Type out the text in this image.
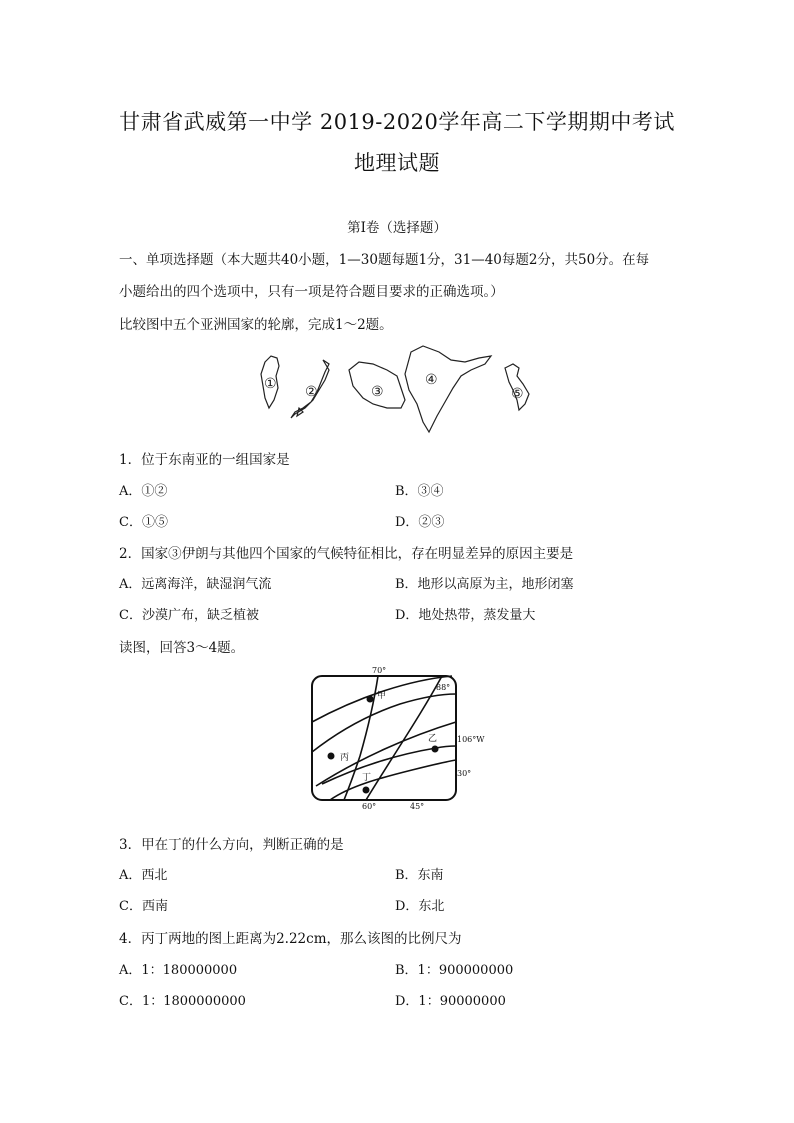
甘肃省武威第一中学 2019-2020学年高二下学期期中考试
地理试题
第Ⅰ卷（选择题）
一、单项选择题（本大题共40小题，1—30题每题1分，31—40每题2分，共50分。在每
小题给出的四个选项中，只有一项是符合题目要求的正确选项。）
比较图中五个亚洲国家的轮廓，完成1～2题。
① ②	③
④
⑤
1．位于东南亚的一组国家是
A．①②	B．③④
C．①⑤	D．②③
2．国家③伊朗与其他四个国家的气候特征相比，存在明显差异的原因主要是
A．远离海洋，缺湿润气流	B．地形以高原为主，地形闭塞
C．沙漠广布，缺乏植被	D．地处热带，蒸发量大
读图，回答3～4题。
70°
88°
106°W
30°
60°	45°
甲
乙
丙
丁
3．甲在丁的什么方向，判断正确的是
A．西北	B．东南
C．西南	D．东北
4．丙丁两地的图上距离为2.22cm，那么该图的比例尺为
A．1：180000000	B．1：900000000
C．1：1800000000	D．1：90000000
